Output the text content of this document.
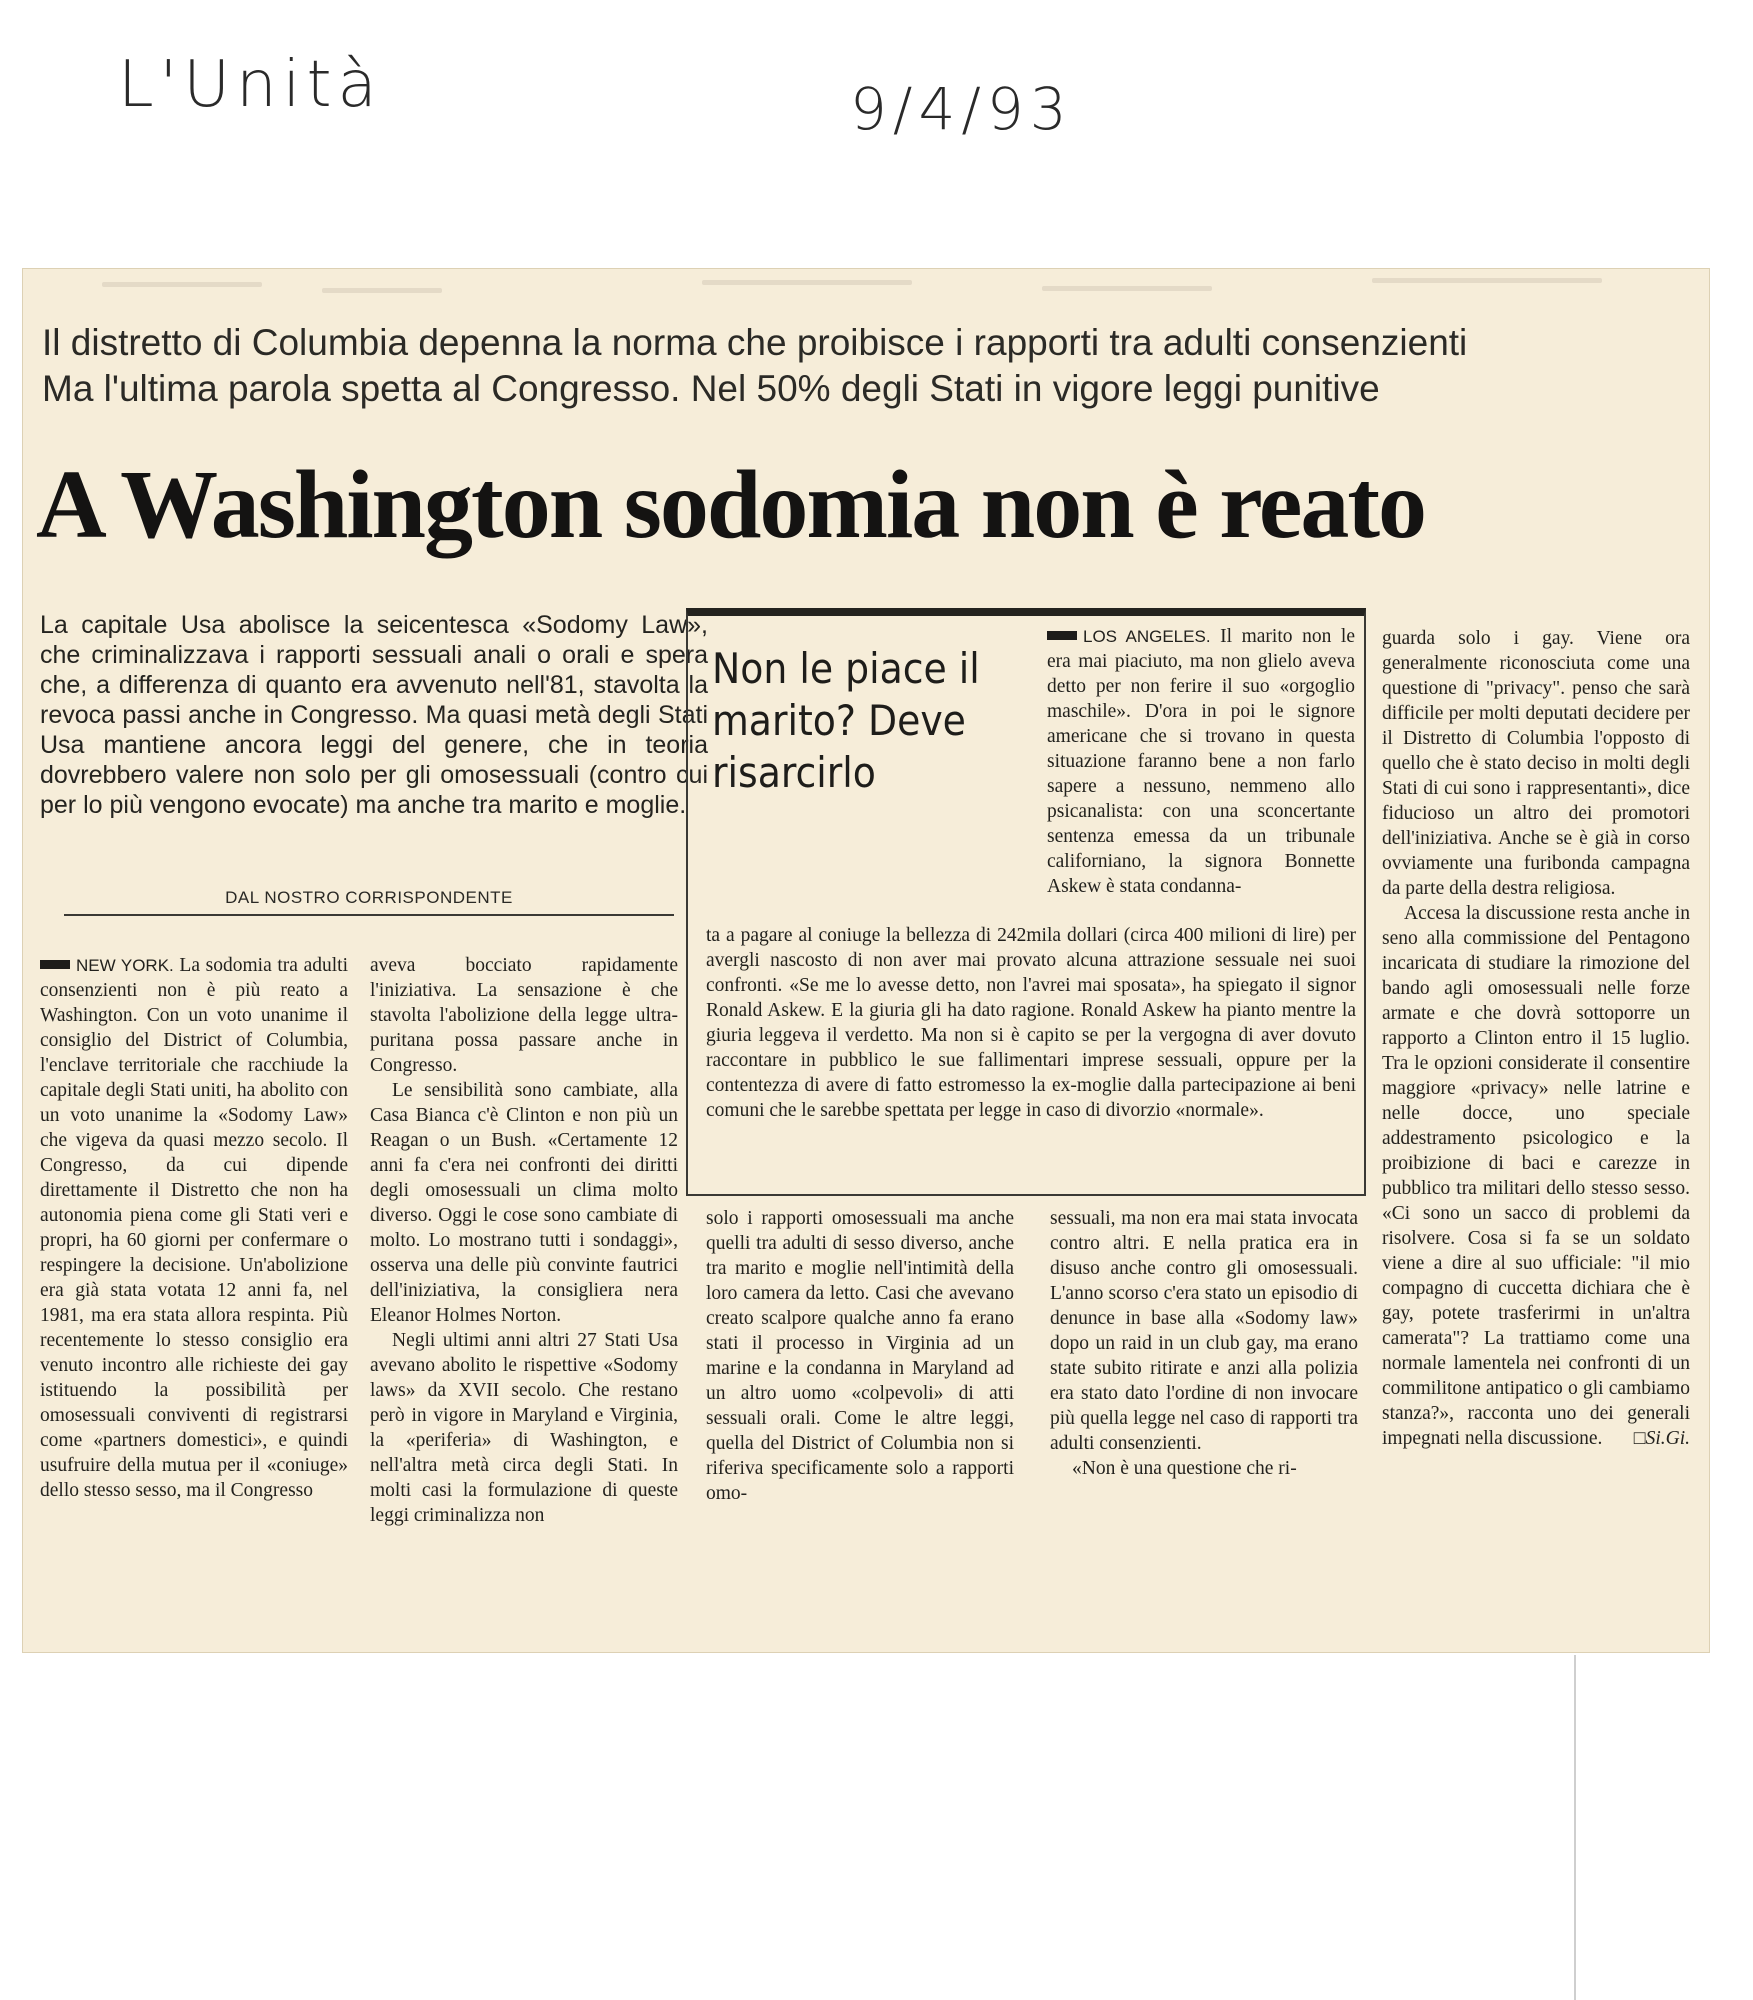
L'Unità	9/4/93
Il distretto di Columbia depenna la norma che proibisce i rapporti tra adulti consenzienti
Ma l'ultima parola spetta al Congresso. Nel 50% degli Stati in vigore leggi punitive
A Washington sodomia non è reato
La capitale Usa abolisce la seicentesca «Sodomy Law», che criminalizzava i rapporti sessuali anali o orali e spera che, a differenza di quanto era avvenuto nell'81, stavolta la revoca passi anche in Congresso. Ma quasi metà degli Stati Usa mantiene ancora leggi del genere, che in teoria dovrebbero valere non solo per gli omosessuali (contro cui per lo più vengono evocate) ma anche tra marito e moglie.
DAL NOSTRO CORRISPONDENTE
Non le piace il marito? Deve risarcirlo

LOS ANGELES. Il marito non le era mai piaciuto, ma non glielo aveva detto per non ferire il suo «orgoglio maschile». D'ora in poi le signore americane che si trovano in questa situazione faranno bene a non farlo sapere a nessuno, nemmeno allo psicanalista: con una sconcertante sentenza emessa da un tribunale californiano, la signora Bonnette Askew è stata condanna-

ta a pagare al coniuge la bellezza di 242mila dollari (circa 400 milioni di lire) per avergli nascosto di non aver mai provato alcuna attrazione sessuale nei suoi confronti. «Se me lo avesse detto, non l'avrei mai sposata», ha spiegato il signor Ronald Askew. E la giuria gli ha dato ragione. Ronald Askew ha pianto mentre la giuria leggeva il verdetto. Ma non si è capito se per la vergogna di aver dovuto raccontare in pubblico le sue fallimentari imprese sessuali, oppure per la contentezza di avere di fatto estromesso la ex-moglie dalla partecipazione ai beni comuni che le sarebbe spettata per legge in caso di divorzio «normale».

NEW YORK. La sodomia tra adulti consenzienti non è più reato a Washington. Con un voto unanime il consiglio del District of Columbia, l'enclave territoriale che racchiude la capitale degli Stati uniti, ha abolito con un voto unanime la «Sodomy Law» che vigeva da quasi mezzo secolo. Il Congresso, da cui dipende direttamente il Distretto che non ha autonomia piena come gli Stati veri e propri, ha 60 giorni per confermare o respingere la decisione. Un'abolizione era già stata votata 12 anni fa, nel 1981, ma era stata allora respinta. Più recentemente lo stesso consiglio era venuto incontro alle richieste dei gay istituendo la possibilità per omosessuali conviventi di registrarsi come «partners domestici», e quindi usufruire della mutua per il «coniuge» dello stesso sesso, ma il Congresso

aveva bocciato rapidamente l'iniziativa. La sensazione è che stavolta l'abolizione della legge ultra-puritana possa passare anche in Congresso.

Le sensibilità sono cambiate, alla Casa Bianca c'è Clinton e non più un Reagan o un Bush. «Certamente 12 anni fa c'era nei confronti dei diritti degli omosessuali un clima molto diverso. Oggi le cose sono cambiate di molto. Lo mostrano tutti i sondaggi», osserva una delle più convinte fautrici dell'iniziativa, la consigliera nera Eleanor Holmes Norton.

Negli ultimi anni altri 27 Stati Usa avevano abolito le rispettive «Sodomy laws» da XVII secolo. Che restano però in vigore in Maryland e Virginia, la «periferia» di Washington, e nell'altra metà circa degli Stati. In molti casi la formulazione di queste leggi criminalizza non

solo i rapporti omosessuali ma anche quelli tra adulti di sesso diverso, anche tra marito e moglie nell'intimità della loro camera da letto. Casi che avevano creato scalpore qualche anno fa erano stati il processo in Virginia ad un marine e la condanna in Maryland ad un altro uomo «colpevoli» di atti sessuali orali. Come le altre leggi, quella del District of Columbia non si riferiva specificamente solo a rapporti omo-

sessuali, ma non era mai stata invocata contro altri. E nella pratica era in disuso anche contro gli omosessuali. L'anno scorso c'era stato un episodio di denunce in base alla «Sodomy law» dopo un raid in un club gay, ma erano state subito ritirate e anzi alla polizia era stato dato l'ordine di non invocare più quella legge nel caso di rapporti tra adulti consenzienti.

«Non è una questione che ri-

guarda solo i gay. Viene ora generalmente riconosciuta come una questione di "privacy". penso che sarà difficile per molti deputati decidere per il Distretto di Columbia l'opposto di quello che è stato deciso in molti degli Stati di cui sono i rappresentanti», dice fiducioso un altro dei promotori dell'iniziativa. Anche se è già in corso ovviamente una furibonda campagna da parte della destra religiosa.

Accesa la discussione resta anche in seno alla commissione del Pentagono incaricata di studiare la rimozione del bando agli omosessuali nelle forze armate e che dovrà sottoporre un rapporto a Clinton entro il 15 luglio. Tra le opzioni considerate il consentire maggiore «privacy» nelle latrine e nelle docce, uno speciale addestramento psicologico e la proibizione di baci e carezze in pubblico tra militari dello stesso sesso. «Ci sono un sacco di problemi da risolvere. Cosa si fa se un soldato viene a dire al suo ufficiale: "il mio compagno di cuccetta dichiara che è gay, potete trasferirmi in un'altra camerata"? La trattiamo come una normale lamentela nei confronti di un commilitone antipatico o gli cambiamo stanza?», racconta uno dei generali impegnati nella discussione.	□Si.Gi.
